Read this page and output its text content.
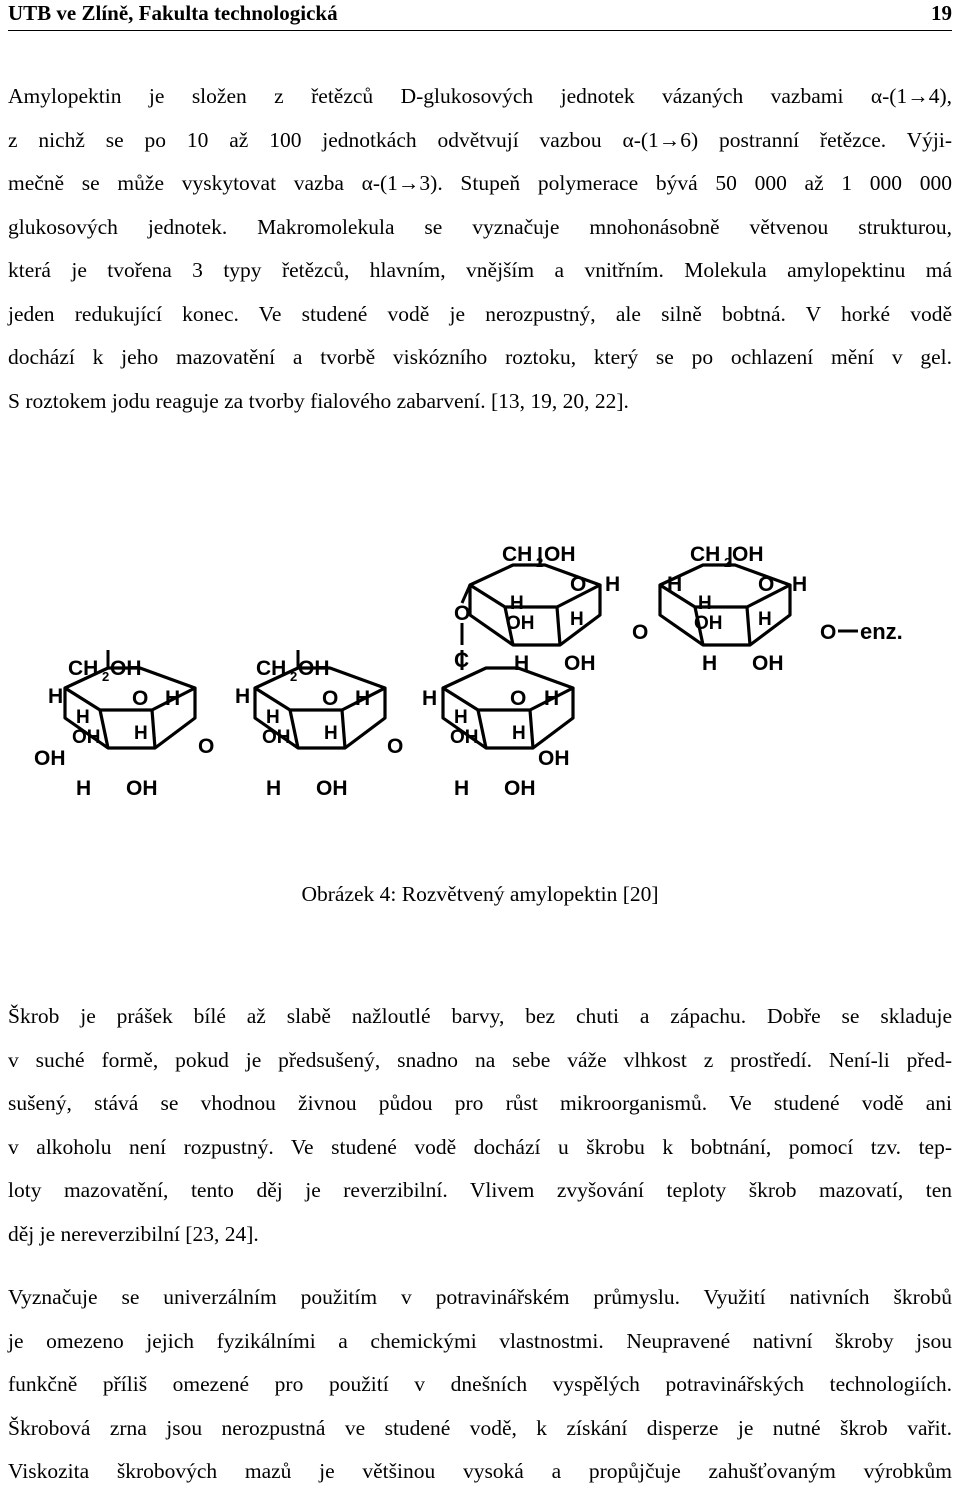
UTB ve Zlíně, Fakulta technologická	19

Amylopektin je složen z řetězců D-glukosových jednotek vázaných vazbami α-(1→4),
z nichž se po 10 až 100 jednotkách odvětvují vazbou α-(1→6) postranní řetězce. Výji-
mečně se může vyskytovat vazba α-(1→3). Stupeň polymerace bývá 50 000 až 1 000 000
glukosových jednotek. Makromolekula se vyznačuje mnohonásobně větvenou strukturou,
která je tvořena 3 typy řetězců, hlavním, vnějším a vnitřním. Molekula amylopektinu má
jeden redukující konec. Ve studené vodě je nerozpustný, ale silně bobtná. V horké vodě
dochází k jeho mazovatění a tvorbě viskózního roztoku, který se po ochlazení mění v gel.
S roztokem jodu reaguje za tvorby fialového zabarvení. [13, 19, 20, 22].

CH 2 OH
O H
H
H
OH H
OH
H OH
O
CH 2 OH
O H
H
H
OH H
H OH
O
H	O H
H
OH H
OH
H OH
C
O
CH 2 OH
O H
H
OH H
H OH
O
CH 2 OH
H	O H
H
OH H
H OH
O enz.
Obrázek 4: Rozvětvený amylopektin [20]

Škrob je prášek bílé až slabě nažloutlé barvy, bez chuti a zápachu. Dobře se skladuje
v suché formě, pokud je předsušený, snadno na sebe váže vlhkost z prostředí. Není-li před-
sušený, stává se vhodnou živnou půdou pro růst mikroorganismů. Ve studené vodě ani
v alkoholu není rozpustný. Ve studené vodě dochází u škrobu k bobtnání, pomocí tzv. tep-
loty mazovatění, tento děj je reverzibilní. Vlivem zvyšování teploty škrob mazovatí, ten
děj je nereverzibilní [23, 24].

Vyznačuje se univerzálním použitím v potravinářském průmyslu. Využití nativních škrobů
je omezeno jejich fyzikálními a chemickými vlastnostmi. Neupravené nativní škroby jsou
funkčně příliš omezené pro použití v dnešních vyspělých potravinářských technologiích.
Škrobová zrna jsou nerozpustná ve studené vodě, k získání disperze je nutné škrob vařit.
Viskozita škrobových mazů je většinou vysoká a propůjčuje zahušťovaným výrobkům
